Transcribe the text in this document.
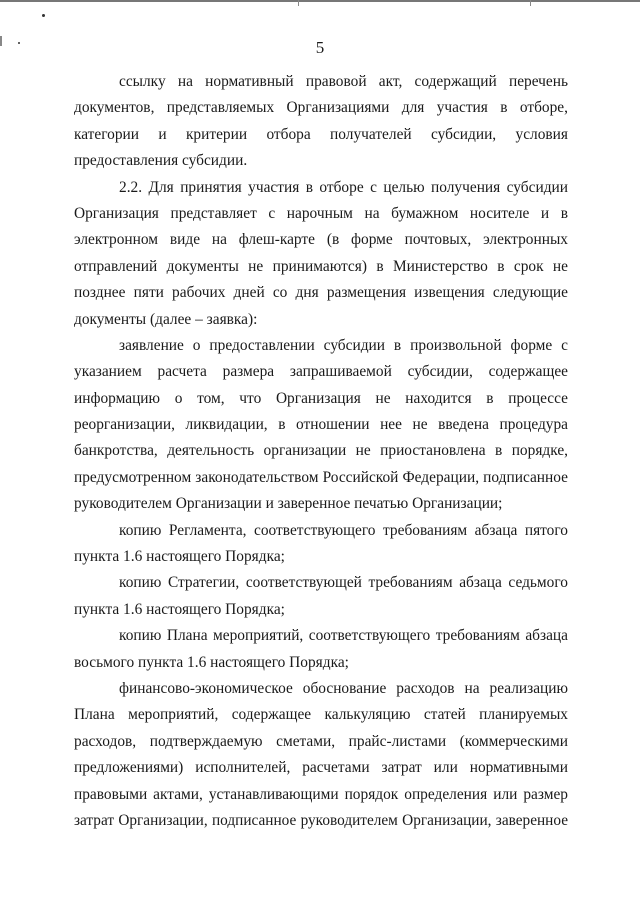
5
ссылку на нормативный правовой акт, содержащий перечень
документов, представляемых Организациями для участия в отборе,
категории и критерии отбора получателей субсидии, условия
предоставления субсидии.
2.2. Для принятия участия в отборе с целью получения субсидии
Организация представляет с нарочным на бумажном носителе и в
электронном виде на флеш-карте (в форме почтовых, электронных
отправлений документы не принимаются) в Министерство в срок не
позднее пяти рабочих дней со дня размещения извещения следующие
документы (далее – заявка):
заявление о предоставлении субсидии в произвольной форме с
указанием расчета размера запрашиваемой субсидии, содержащее
информацию о том, что Организация не находится в процессе
реорганизации, ликвидации, в отношении нее не введена процедура
банкротства, деятельность организации не приостановлена в порядке,
предусмотренном законодательством Российской Федерации, подписанное
руководителем Организации и заверенное печатью Организации;
копию Регламента, соответствующего требованиям абзаца пятого
пункта 1.6 настоящего Порядка;
копию Стратегии, соответствующей требованиям абзаца седьмого
пункта 1.6 настоящего Порядка;
копию Плана мероприятий, соответствующего требованиям абзаца
восьмого пункта 1.6 настоящего Порядка;
финансово-экономическое обоснование расходов на реализацию
Плана мероприятий, содержащее калькуляцию статей планируемых
расходов, подтверждаемую сметами, прайс-листами (коммерческими
предложениями) исполнителей, расчетами затрат или нормативными
правовыми актами, устанавливающими порядок определения или размер
затрат Организации, подписанное руководителем Организации, заверенное
